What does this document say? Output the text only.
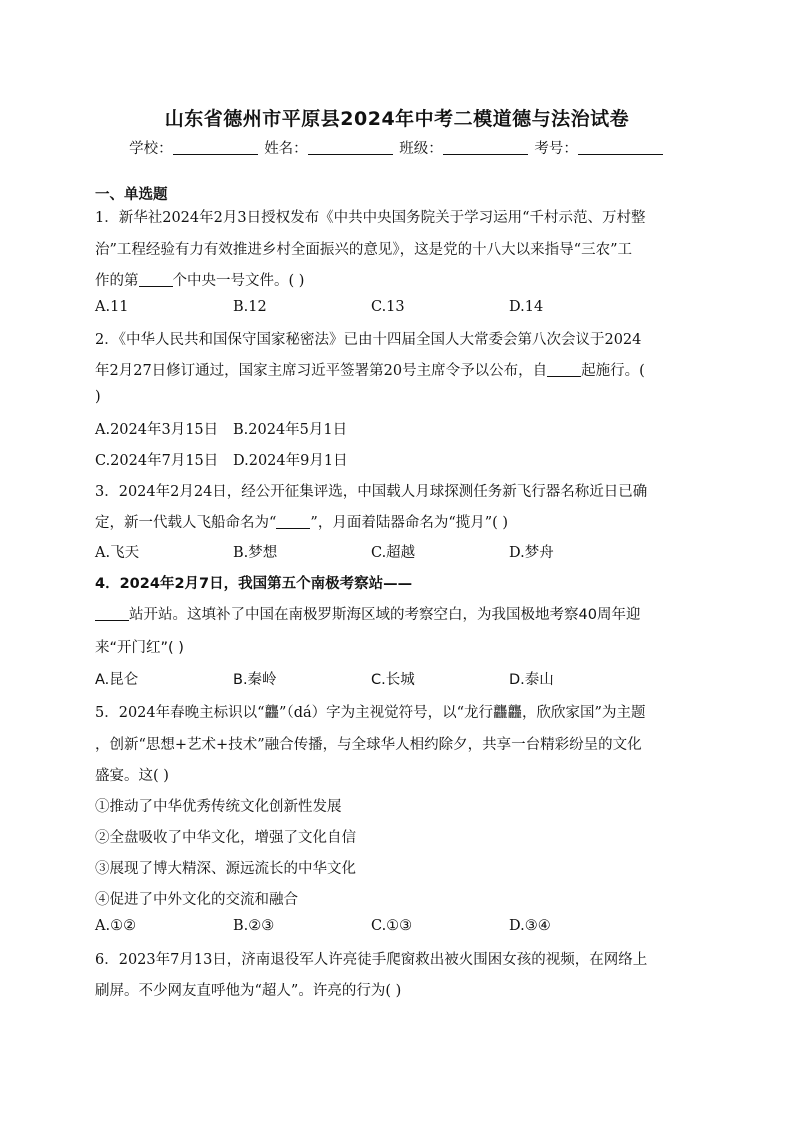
山东省德州市平原县2024年中考二模道德与法治试卷
学校：	姓名：	班级：	考号：
一、单选题
1．新华社2024年2月3日授权发布《中共中央国务院关于学习运用“千村示范、万村整
治”工程经验有力有效推进乡村全面振兴的意见》，这是党的十八大以来指导“三农”工
作的第 个中央一号文件。( )
A.11	B.12	C.13	D.14
2．《中华人民共和国保守国家秘密法》已由十四届全国人大常委会第八次会议于2024
年2月27日修订通过，国家主席习近平签署第20号主席令予以公布，自 起施行。(
)
A.2024年3月15日 B.2024年5月1日
C.2024年7月15日 D.2024年9月1日
3．2024年2月24日，经公开征集评选，中国载人月球探测任务新飞行器名称近日已确
定，新一代载人飞船命名为“ ”，月面着陆器命名为“揽月”( )
A.飞天	B.梦想	C.超越	D.梦舟
4．2024年2月7日，我国第五个南极考察站——
站开站。这填补了中国在南极罗斯海区域的考察空白，为我国极地考察40周年迎
来“开门红”( )
A.昆仑	B.秦岭	C.长城	D.泰山
5．2024年春晚主标识以“龘”（dá）字为主视觉符号，以“龙行龘龘，欣欣家国”为主题
，创新“思想+艺术+技术”融合传播，与全球华人相约除夕，共享一台精彩纷呈的文化
盛宴。这( )
①推动了中华优秀传统文化创新性发展
②全盘吸收了中华文化，增强了文化自信
③展现了博大精深、源远流长的中华文化
④促进了中外文化的交流和融合
A.①②	B.②③	C.①③	D.③④
6．2023年7月13日，济南退役军人许亮徒手爬窗救出被火围困女孩的视频，在网络上
刷屏。不少网友直呼他为“超人”。许亮的行为( )
